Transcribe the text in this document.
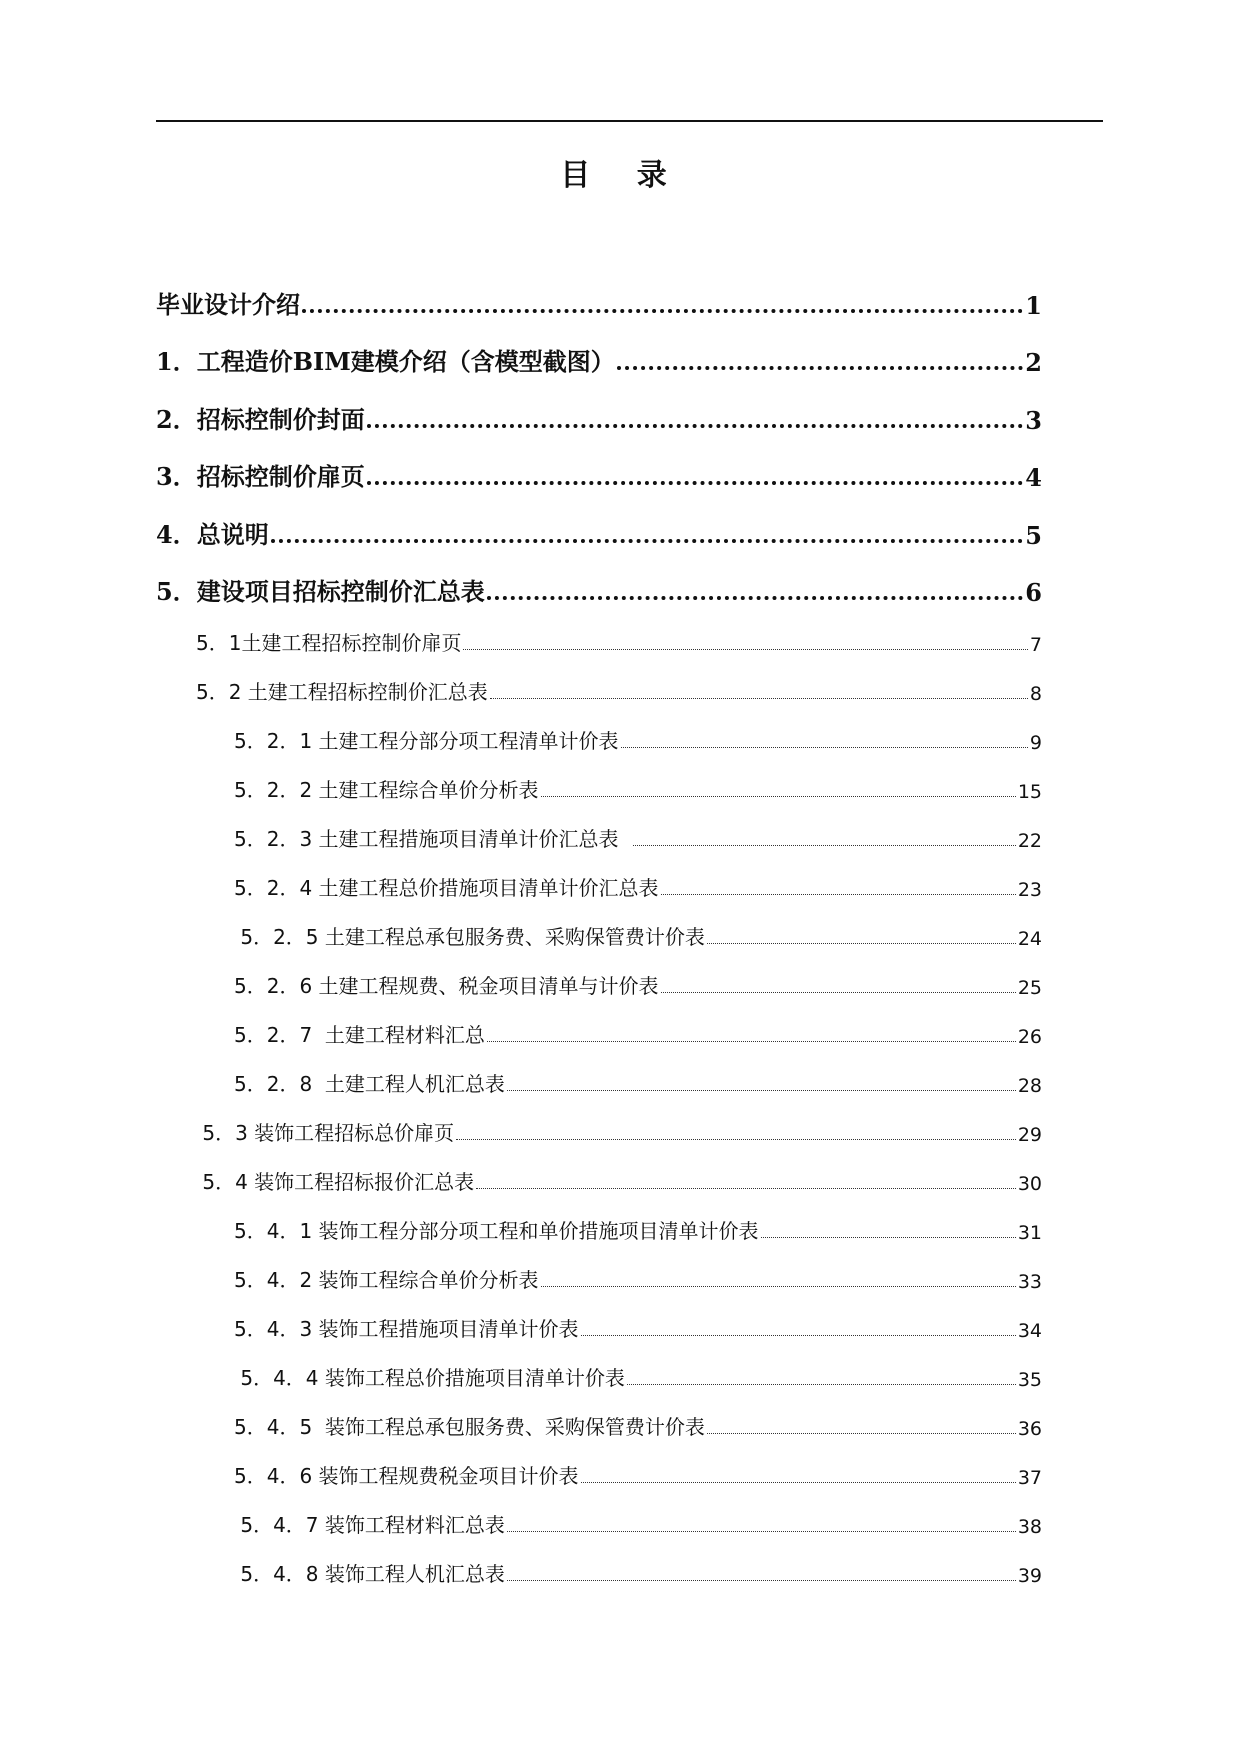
目 录
毕业设计介绍	1
1．工程造价BIM建模介绍（含模型截图）	2
2．招标控制价封面	3
3．招标控制价扉页	4
4．总说明	5
5．建设项目招标控制价汇总表	6
5．1土建工程招标控制价扉页	7
5．2 土建工程招标控制价汇总表	8
5．2．1 土建工程分部分项工程清单计价表	9
5．2．2 土建工程综合单价分析表	15
5．2．3 土建工程措施项目清单计价汇总表	22
5．2．4 土建工程总价措施项目清单计价汇总表	23
5．2．5 土建工程总承包服务费、采购保管费计价表	24
5．2．6 土建工程规费、税金项目清单与计价表	25
5．2．7  土建工程材料汇总	26
5．2．8  土建工程人机汇总表	28
5．3 装饰工程招标总价扉页	29
5．4 装饰工程招标报价汇总表	30
5．4．1 装饰工程分部分项工程和单价措施项目清单计价表	31
5．4．2 装饰工程综合单价分析表	33
5．4．3 装饰工程措施项目清单计价表	34
5．4．4 装饰工程总价措施项目清单计价表	35
5．4．5  装饰工程总承包服务费、采购保管费计价表	36
5．4．6 装饰工程规费税金项目计价表	37
5．4．7 装饰工程材料汇总表	38
5．4．8 装饰工程人机汇总表	39
